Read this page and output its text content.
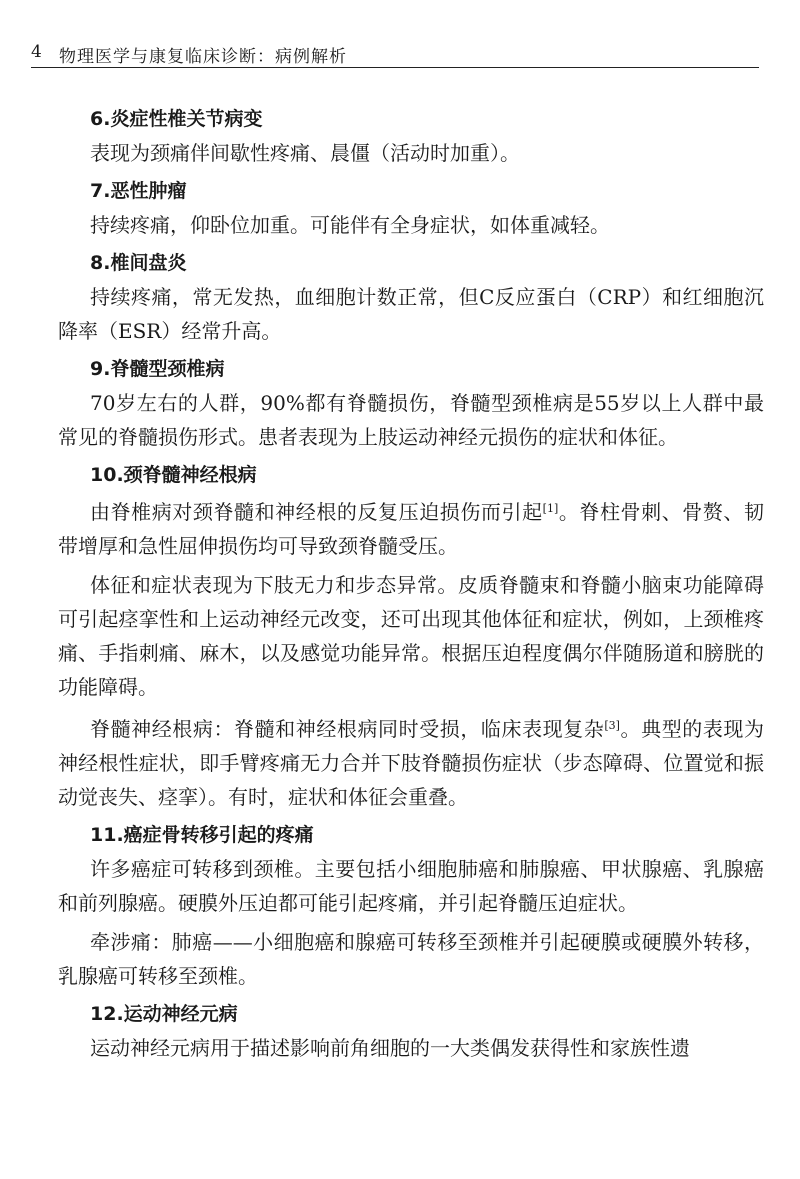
4 物理医学与康复临床诊断：病例解析
6.炎症性椎关节病变
表现为颈痛伴间歇性疼痛、晨僵（活动时加重）。
7.恶性肿瘤
持续疼痛，仰卧位加重。可能伴有全身症状，如体重减轻。
8.椎间盘炎
持续疼痛，常无发热，血细胞计数正常，但C反应蛋白（CRP）和红细胞沉降率（ESR）经常升高。
9.脊髓型颈椎病
70岁左右的人群，90%都有脊髓损伤，脊髓型颈椎病是55岁以上人群中最常见的脊髓损伤形式。患者表现为上肢运动神经元损伤的症状和体征。
10.颈脊髓神经根病
由脊椎病对颈脊髓和神经根的反复压迫损伤而引起[1]。脊柱骨刺、骨赘、韧带增厚和急性屈伸损伤均可导致颈脊髓受压。
体征和症状表现为下肢无力和步态异常。皮质脊髓束和脊髓小脑束功能障碍可引起痉挛性和上运动神经元改变，还可出现其他体征和症状，例如，上颈椎疼痛、手指刺痛、麻木，以及感觉功能异常。根据压迫程度偶尔伴随肠道和膀胱的功能障碍。
脊髓神经根病：脊髓和神经根病同时受损，临床表现复杂[3]。典型的表现为神经根性症状，即手臂疼痛无力合并下肢脊髓损伤症状（步态障碍、位置觉和振动觉丧失、痉挛）。有时，症状和体征会重叠。
11.癌症骨转移引起的疼痛
许多癌症可转移到颈椎。主要包括小细胞肺癌和肺腺癌、甲状腺癌、乳腺癌和前列腺癌。硬膜外压迫都可能引起疼痛，并引起脊髓压迫症状。
牵涉痛：肺癌——小细胞癌和腺癌可转移至颈椎并引起硬膜或硬膜外转移，乳腺癌可转移至颈椎。
12.运动神经元病
运动神经元病用于描述影响前角细胞的一大类偶发获得性和家族性遗
